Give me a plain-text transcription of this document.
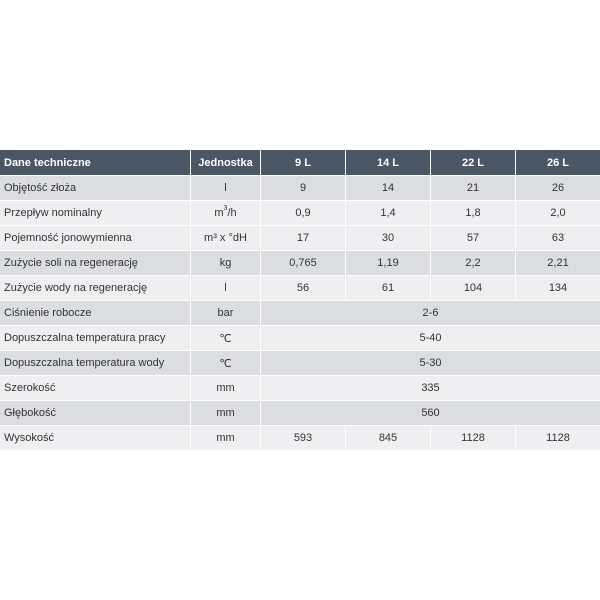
Dane techniczne	Jednostka	9 L	14 L	22 L	26 L
Objętość złoża	l	9	14	21	26
Przepływ nominalny	$m^3/h$	0,9	1,4	1,8	2,0
Pojemność jonowymienna	m³ x °dH	17	30	57	63
Zużycie soli na regenerację	kg	0,765	1,19	2,2	2,21
Zużycie wody na regenerację	l	56	61	104	134
Ciśnienie robocze	bar	2-6			
Dopuszczalna temperatura pracy	℃	5-40			
Dopuszczalna temperatura wody	℃	5-30			
Szerokość	mm	335			
Głębokość	mm	560			
Wysokość	mm	593	845	1128	1128
